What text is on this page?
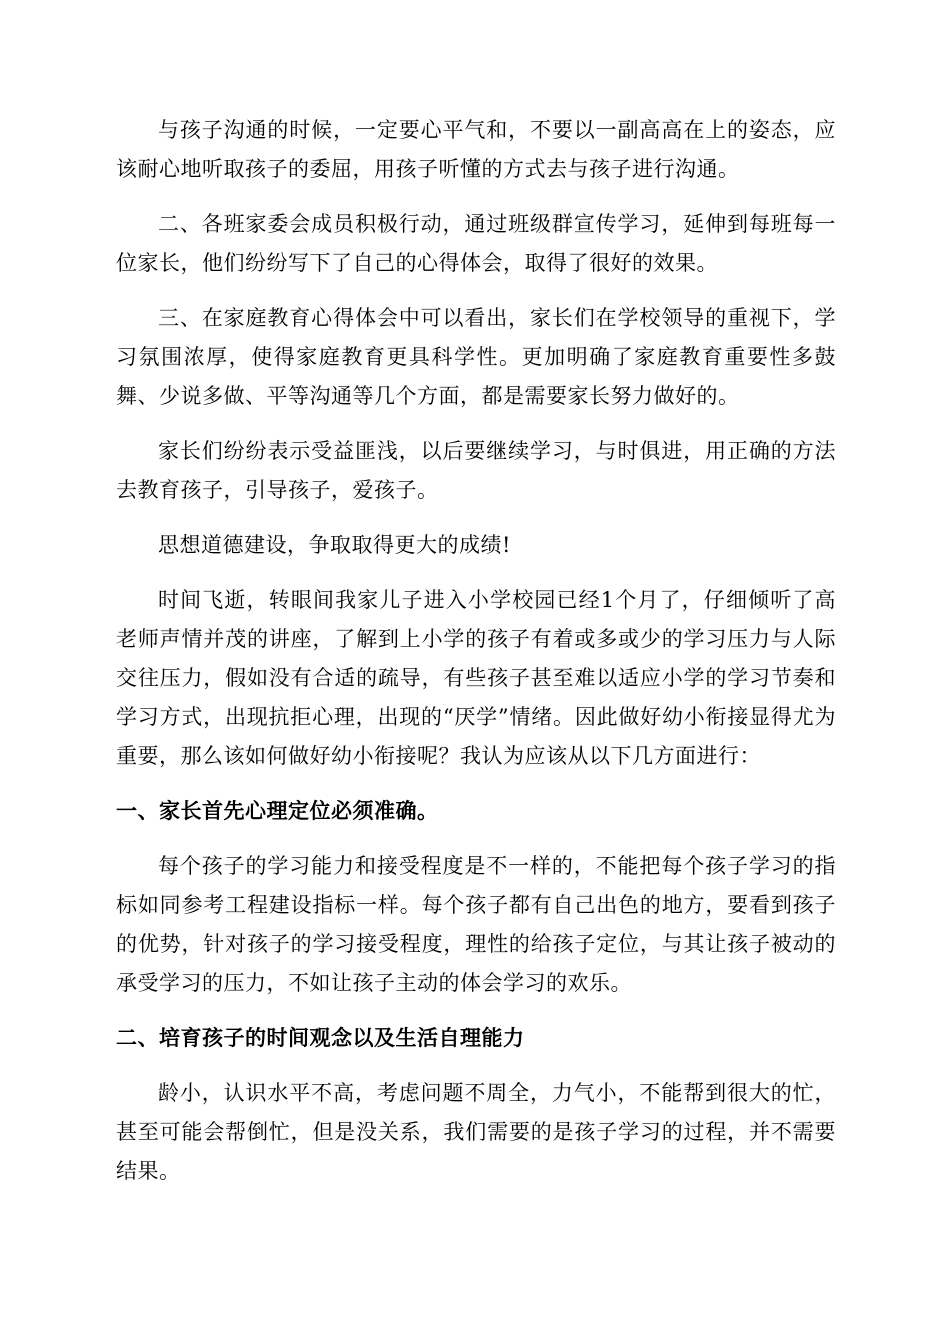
与孩子沟通的时候，一定要心平气和，不要以一副高高在上的姿态，应该耐心地听取孩子的委屈，用孩子听懂的方式去与孩子进行沟通。

二、各班家委会成员积极行动，通过班级群宣传学习，延伸到每班每一位家长，他们纷纷写下了自己的心得体会，取得了很好的效果。

三、在家庭教育心得体会中可以看出，家长们在学校领导的重视下，学习氛围浓厚，使得家庭教育更具科学性。更加明确了家庭教育重要性多鼓舞、少说多做、平等沟通等几个方面，都是需要家长努力做好的。

家长们纷纷表示受益匪浅，以后要继续学习，与时俱进，用正确的方法去教育孩子，引导孩子，爱孩子。

思想道德建设，争取取得更大的成绩!

时间飞逝，转眼间我家儿子进入小学校园已经1个月了，仔细倾听了高老师声情并茂的讲座，了解到上小学的孩子有着或多或少的学习压力与人际交往压力，假如没有合适的疏导，有些孩子甚至难以适应小学的学习节奏和学习方式，出现抗拒心理，出现的“厌学”情绪。因此做好幼小衔接显得尤为重要，那么该如何做好幼小衔接呢？我认为应该从以下几方面进行：

一、家长首先心理定位必须准确。

每个孩子的学习能力和接受程度是不一样的，不能把每个孩子学习的指标如同参考工程建设指标一样。每个孩子都有自己出色的地方，要看到孩子的优势，针对孩子的学习接受程度，理性的给孩子定位，与其让孩子被动的承受学习的压力，不如让孩子主动的体会学习的欢乐。

二、培育孩子的时间观念以及生活自理能力

龄小，认识水平不高，考虑问题不周全，力气小，不能帮到很大的忙，甚至可能会帮倒忙，但是没关系，我们需要的是孩子学习的过程，并不需要结果。
